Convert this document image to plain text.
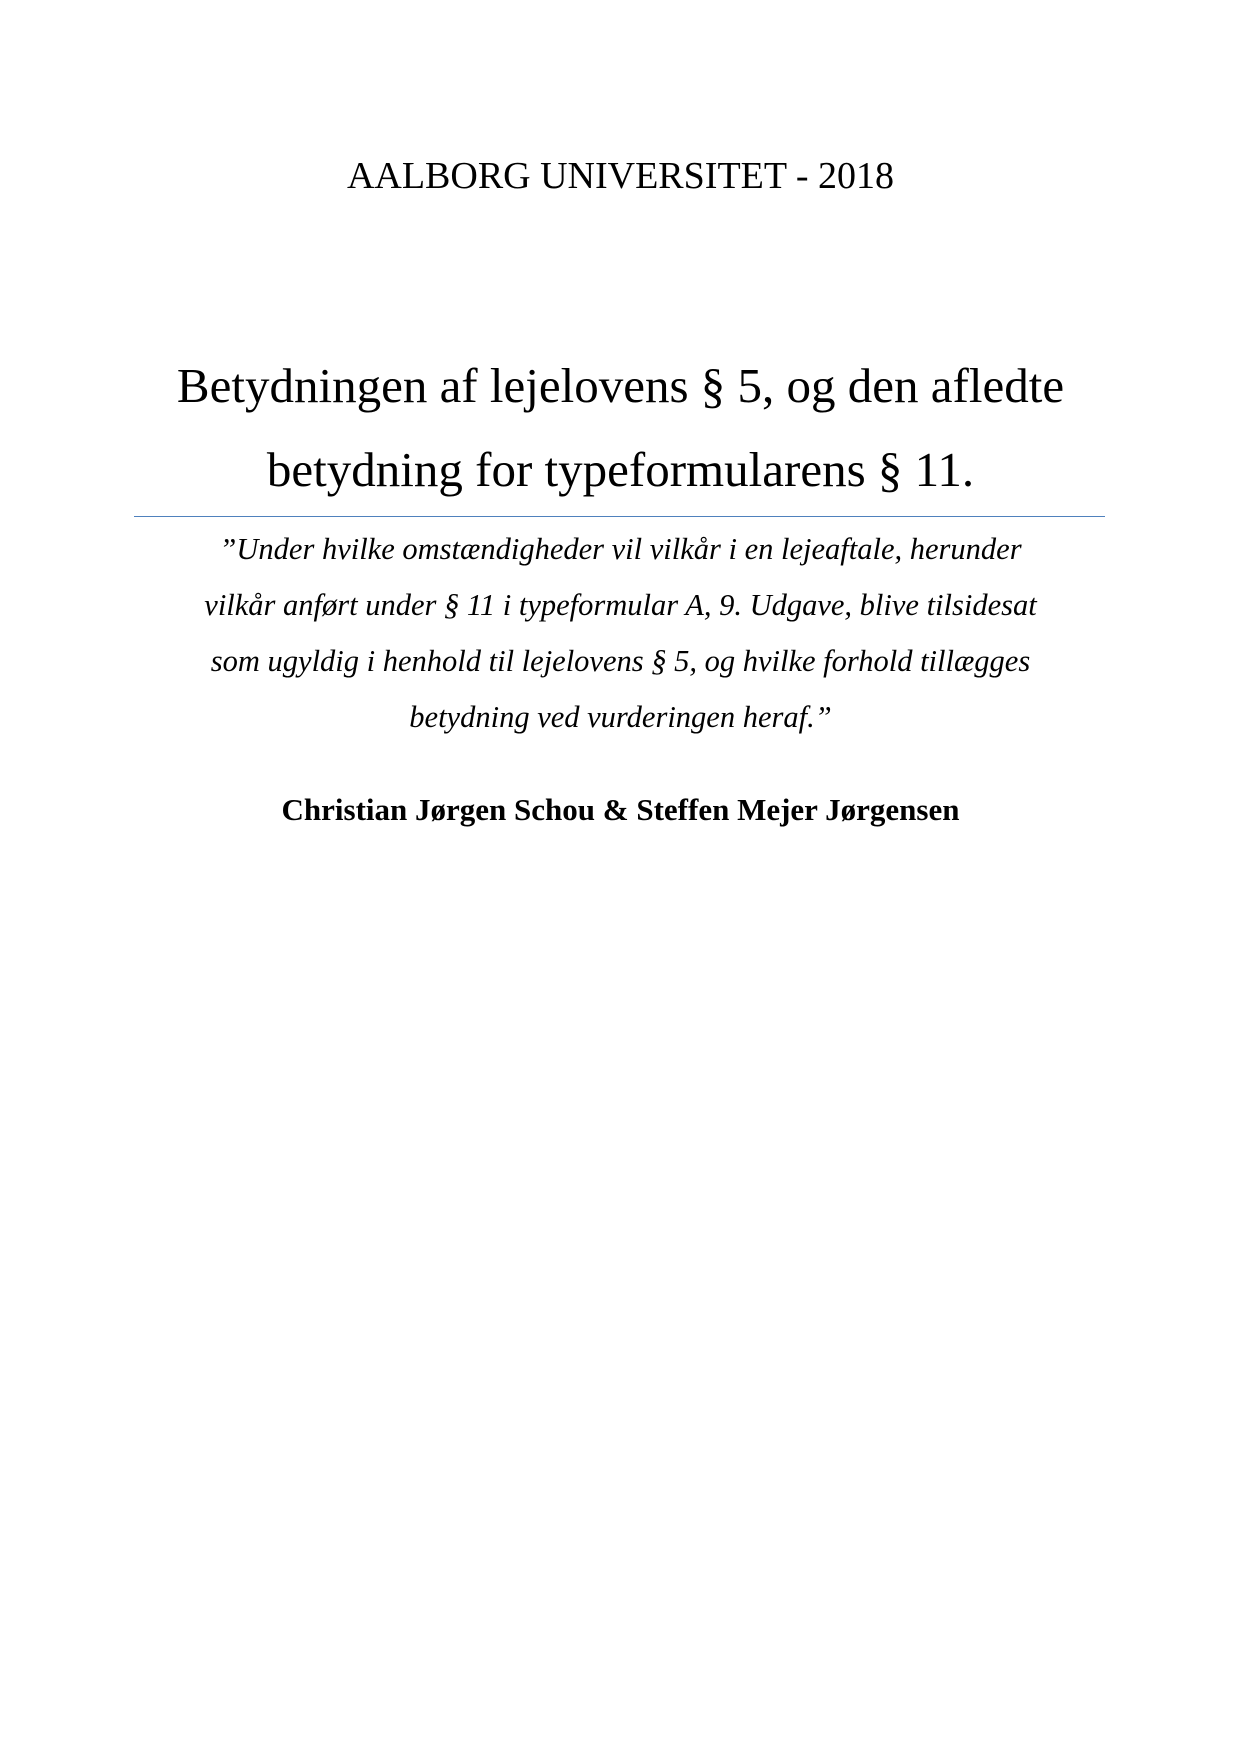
AALBORG UNIVERSITET - 2018
Betydningen af lejelovens § 5, og den afledte
betydning for typeformularens § 11.
”Under hvilke omstændigheder vil vilkår i en lejeaftale, herunder
vilkår anført under § 11 i typeformular A, 9. Udgave, blive tilsidesat
som ugyldig i henhold til lejelovens § 5, og hvilke forhold tillægges
betydning ved vurderingen heraf.”
Christian Jørgen Schou & Steffen Mejer Jørgensen
